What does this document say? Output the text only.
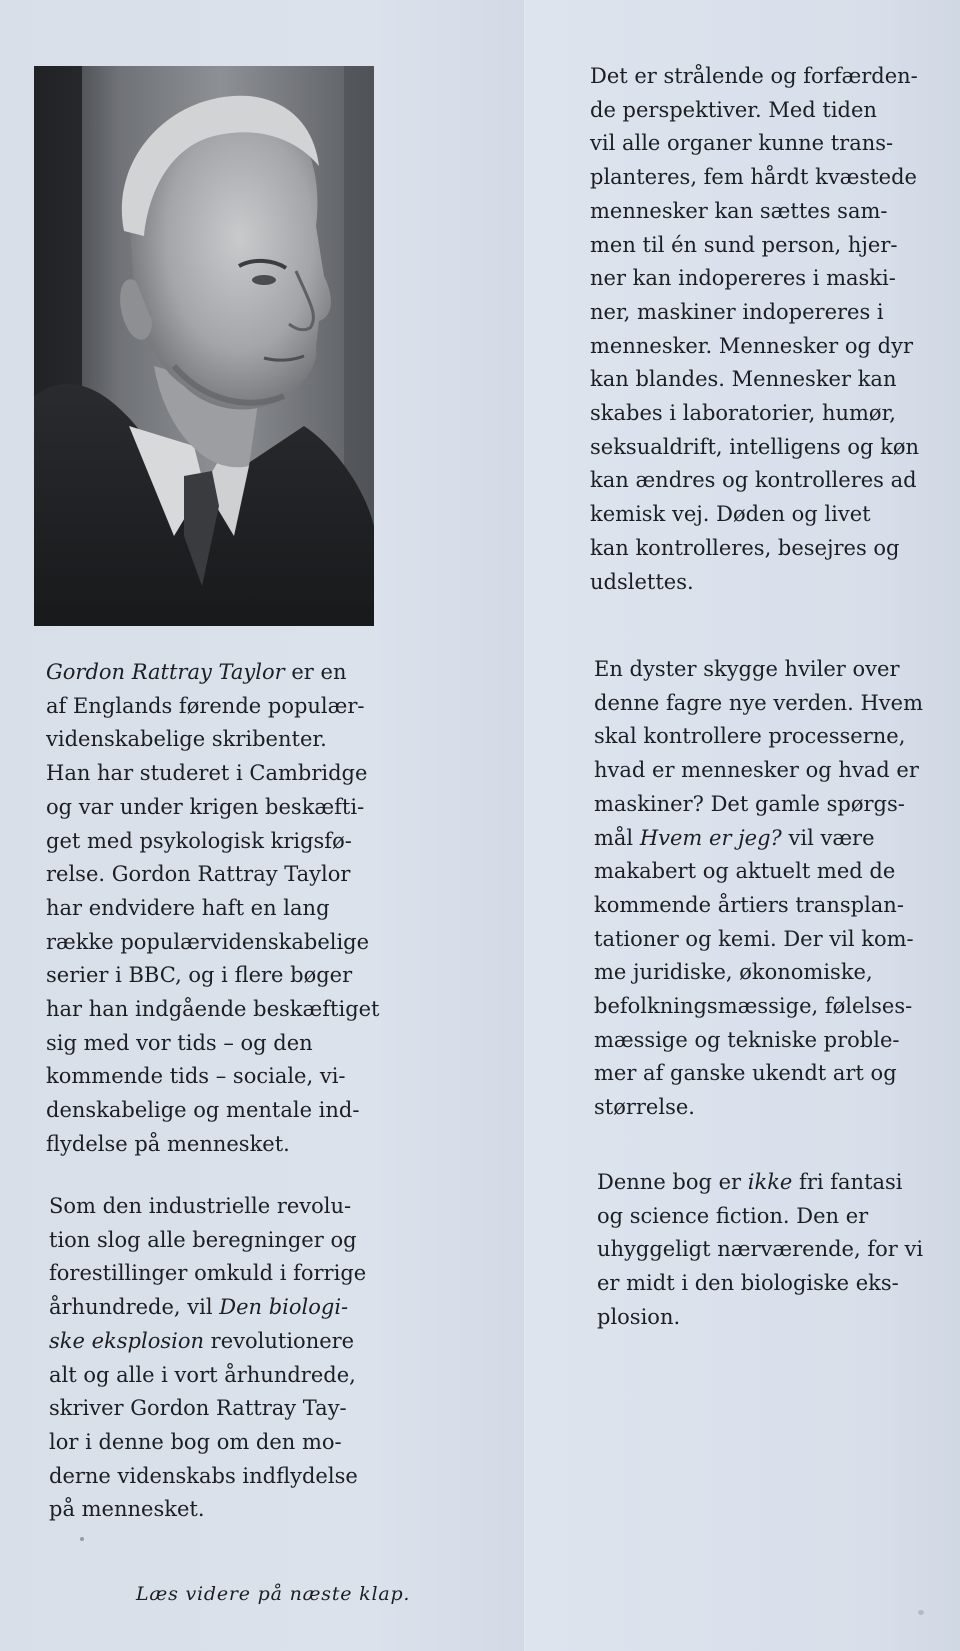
Gordon Rattray Taylor er en
af Englands førende populær-
videnskabelige skribenter.
Han har studeret i Cambridge
og var under krigen beskæfti-
get med psykologisk krigsfø-
relse. Gordon Rattray Taylor
har endvidere haft en lang
række populærvidenskabelige
serier i BBC, og i flere bøger
har han indgående beskæftiget
sig med vor tids – og den
kommende tids – sociale, vi-
denskabelige og mentale ind-
flydelse på mennesket.

Som den industrielle revolu-
tion slog alle beregninger og
forestillinger omkuld i forrige
århundrede, vil Den biologi-
ske eksplosion revolutionere
alt og alle i vort århundrede,
skriver Gordon Rattray Tay-
lor i denne bog om den mo-
derne videnskabs indflydelse
på mennesket.

Læs videre på næste klap.

Det er strålende og forfærden-
de perspektiver. Med tiden
vil alle organer kunne trans-
planteres, fem hårdt kvæstede
mennesker kan sættes sam-
men til én sund person, hjer-
ner kan indopereres i maski-
ner, maskiner indopereres i
mennesker. Mennesker og dyr
kan blandes. Mennesker kan
skabes i laboratorier, humør,
seksualdrift, intelligens og køn
kan ændres og kontrolleres ad
kemisk vej. Døden og livet
kan kontrolleres, besejres og
udslettes.

En dyster skygge hviler over
denne fagre nye verden. Hvem
skal kontrollere processerne,
hvad er mennesker og hvad er
maskiner? Det gamle spørgs-
mål Hvem er jeg? vil være
makabert og aktuelt med de
kommende årtiers transplan-
tationer og kemi. Der vil kom-
me juridiske, økonomiske,
befolkningsmæssige, følelses-
mæssige og tekniske proble-
mer af ganske ukendt art og
størrelse.

Denne bog er ikke fri fantasi
og science fiction. Den er
uhyggeligt nærværende, for vi
er midt i den biologiske eks-
plosion.
